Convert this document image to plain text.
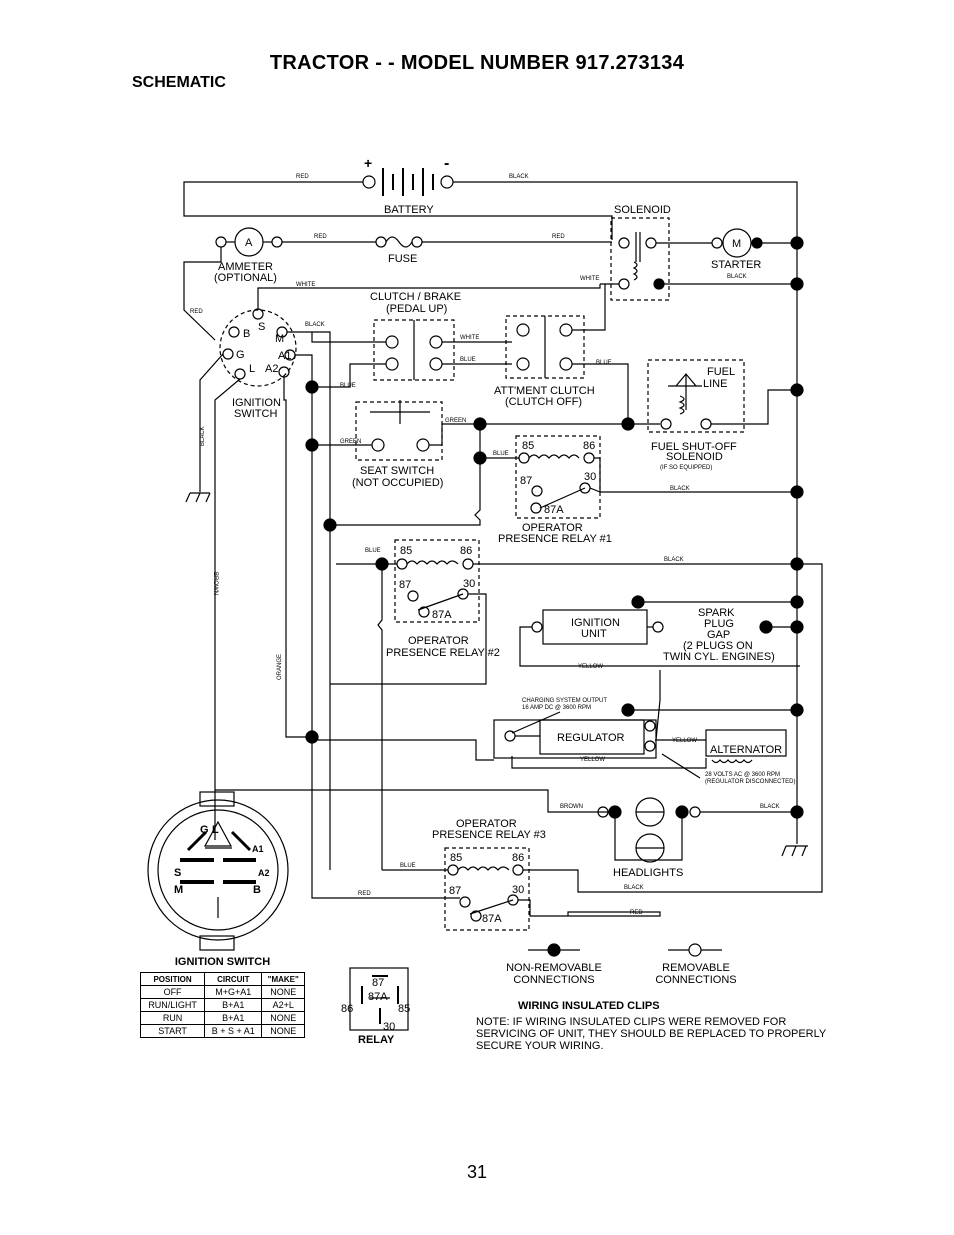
TRACTOR - - MODEL NUMBER 917.273134
SCHEMATIC
+	-
BATTERY
RED	BLACK
A
AMMETER
(OPTIONAL)
RED
FUSE
RED
RED
SOLENOID
WHITE
M
STARTER
BLACK
B
S
M
G	A1
L A2
IGNITION
SWITCH
WHITE
BLACK
BLACK
BROWN
ORANGE
CLUTCH / BRAKE
(PEDAL UP)
WHITE
BLUE
BLUE
BLUE
ATT'MENT CLUTCH
(CLUTCH OFF)
GREEN
GREEN
SEAT SWITCH
(NOT OCCUPIED)
FUEL
LINE
FUEL SHUT-OFF
SOLENOID
(IF SO EQUIPPED)
85	86
87	30
87A
BLUE
BLACK
OPERATOR
PRESENCE RELAY #1
85	86
87	30
87A
BLUE
BLACK
OPERATOR
PRESENCE RELAY #2
IGNITION
UNIT
YELLOW
SPARK
PLUG
GAP
(2 PLUGS ON
TWIN CYL. ENGINES)
CHARGING SYSTEM OUTPUT
16 AMP DC @ 3600 RPM
REGULATOR	YELLOW
ALTERNATOR
YELLOW
28 VOLTS AC @ 3600 RPM
(REGULATOR DISCONNECTED)
BROWN	BLACK
HEADLIGHTS
OPERATOR
PRESENCE RELAY #3
85	86
87	30
87A
BLUE
BLACK
RED
RED
G L
A1
S	A2
M	B
87
87A
86	85
30
IGNITION SWITCH
POSITION	CIRCUIT	"MAKE"
OFF	M+G+A1	NONE
RUN/LIGHT	B+A1	A2+L
RUN	B+A1	NONE
START	B + S + A1	NONE
RELAY
NON-REMOVABLE
CONNECTIONS
REMOVABLE
CONNECTIONS
WIRING INSULATED CLIPS
NOTE: IF WIRING INSULATED CLIPS WERE REMOVED FOR SERVICING OF UNIT, THEY SHOULD BE REPLACED TO PROPERLY SECURE YOUR WIRING.
31
